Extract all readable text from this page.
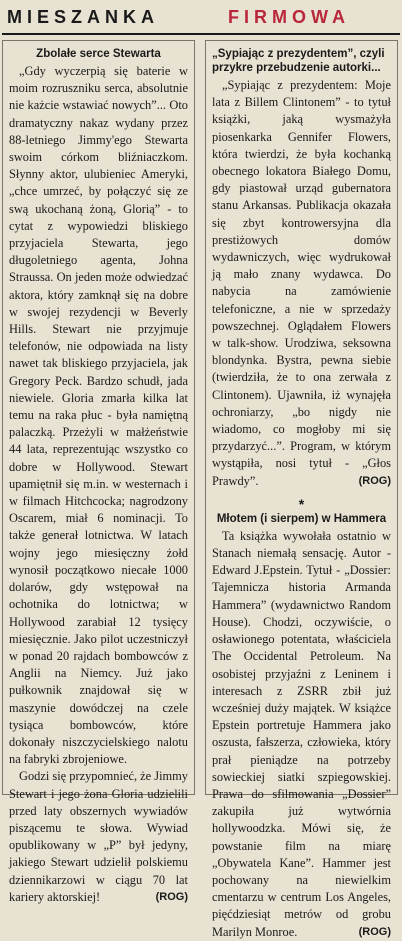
MIESZANKA	FIRMOWA
Zbolałe serce Stewarta

„Gdy wyczerpią się baterie w moim rozruszniku serca, absolutnie nie każcie wstawiać nowych”... Oto dramatyczny nakaz wydany przez 88-letniego Jimmy'ego Stewarta swoim córkom bliźniaczkom. Słynny aktor, ulubieniec Ameryki, „chce umrzeć, by połączyć się ze swą ukochaną żoną, Glorią” - to cytat z wypowiedzi bliskiego przyjaciela Stewarta, jego długoletniego agenta, Johna Straussa. On jeden może odwiedzać aktora, który zamknął się na dobre w swojej rezydencji w Beverly Hills. Stewart nie przyjmuje telefonów, nie odpowiada na listy nawet tak bliskiego przyjaciela, jak Gregory Peck. Bardzo schudł, jada niewiele. Gloria zmarła kilka lat temu na raka płuc - była namiętną palaczką. Przeżyli w małżeństwie 44 lata, reprezentując wszystko co dobre w Hollywood. Stewart upamiętnił się m.in. w westernach i w filmach Hitchcocka; nagrodzony Oscarem, miał 6 nominacji. To także generał lotnictwa. W latach wojny jego miesięczny żołd wynosił początkowo niecałe 1000 dolarów, gdy wstępował na ochotnika do lotnictwa; w Hollywood zarabiał 12 tysięcy miesięcznie. Jako pilot uczestniczył w ponad 20 rajdach bombowców z Anglii na Niemcy. Już jako pułkownik znajdował się w maszynie dowódczej na czele tysiąca bombowców, które dokonały niszczycielskiego nalotu na fabryki zbrojeniowe.

Godzi się przypomnieć, że Jimmy Stewart i jego żona Gloria udzielili przed laty obszernych wywiadów piszącemu te słowa. Wywiad opublikowany w „P” był jedyny, jakiego Stewart udzielił polskiemu dziennikarzowi w ciągu 70 lat kariery aktorskiej!	(ROG)

„Sypiając z prezydentem”, czyli przykre przebudzenie autorki...

„Sypiając z prezydentem: Moje lata z Billem Clintonem” - to tytuł książki, jaką wysmażyła piosenkarka Gennifer Flowers, która twierdzi, że była kochanką obecnego lokatora Białego Domu, gdy piastował urząd gubernatora stanu Arkansas. Publikacja okazała się zbyt kontrowersyjna dla prestiżowych domów wydawniczych, więc wydrukował ją mało znany wydawca. Do nabycia na zamówienie telefoniczne, a nie w sprzedaży powszechnej. Oglądałem Flowers w talk-show. Urodziwa, seksowna blondynka. Bystra, pewna siebie (twierdziła, że to ona zerwała z Clintonem). Ujawniła, iż wynajęła ochroniarzy, „bo nigdy nie wiadomo, co mogłoby mi się przydarzyć...”. Program, w którym wystąpiła, nosi tytuł - „Głos Prawdy”.	(ROG)

*
Młotem (i sierpem) w Hammera

Ta książka wywołała ostatnio w Stanach niemałą sensację. Autor - Edward J.Epstein. Tytuł - „Dossier: Tajemnicza historia Armanda Hammera” (wydawnictwo Random House). Chodzi, oczywiście, o osławionego potentata, właściciela The Occidental Petroleum. Na osobistej przyjaźni z Leninem i interesach z ZSRR zbił już wcześniej duży majątek. W książce Epstein portretuje Hammera jako oszusta, fałszerza, człowieka, który prał pieniądze na potrzeby sowieckiej siatki szpiegowskiej. Prawa do sfilmowania „Dossier” zakupiła już wytwórnia hollywoodzka. Mówi się, że powstanie film na miarę „Obywatela Kane”. Hammer jest pochowany na niewielkim cmentarzu w centrum Los Angeles, pięćdziesiąt metrów od grobu Marilyn Monroe.	(ROG)
